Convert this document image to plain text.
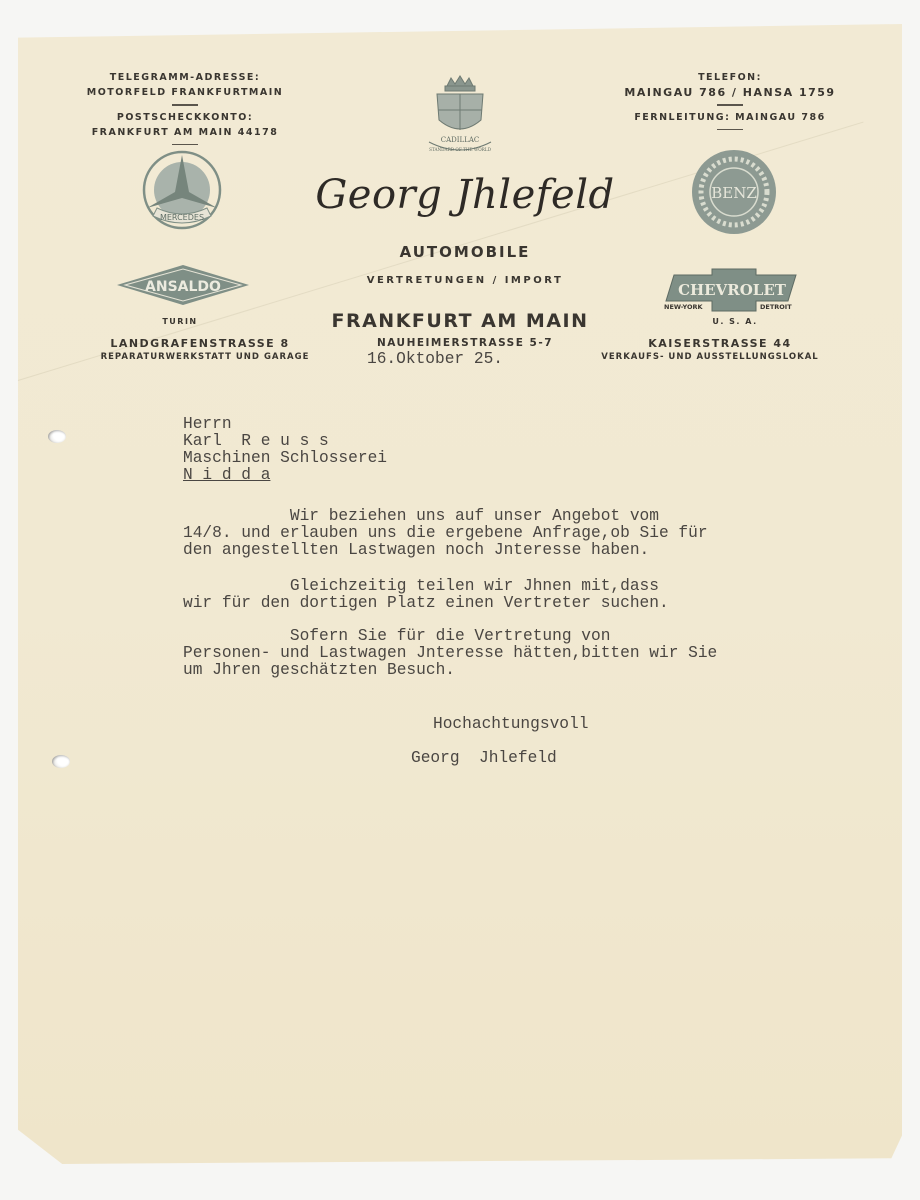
TELEGRAMM-ADRESSE:
MOTORFELD FRANKFURTMAIN
POSTSCHECKKONTO:
FRANKFURT AM MAIN 44178
TELEFON:
MAINGAU 786 / HANSA 1759
FERNLEITUNG: MAINGAU 786
CADILLAC
STANDARD OF THE WORLD
MERCEDES
BENZ
Georg Jhlefeld
AUTOMOBILE
VERTRETUNGEN / IMPORT
FRANKFURT AM MAIN
NAUHEIMERSTRASSE 5-7
ANSALDO
TURIN
LANDGRAFENSTRASSE 8
REPARATURWERKSTATT UND GARAGE
CHEVROLET
NEW-YORK	DETROIT
U. S. A.
KAISERSTRASSE 44
VERKAUFS- UND AUSSTELLUNGSLOKAL
16.Oktober 25.
Herrn
Karl  R e u s s
Maschinen Schlosserei
N i d d a
Wir beziehen uns auf unser Angebot vom
14/8. und erlauben uns die ergebene Anfrage,ob Sie für
den angestellten Lastwagen noch Jnteresse haben.
Gleichzeitig teilen wir Jhnen mit,dass
wir für den dortigen Platz einen Vertreter suchen.
Sofern Sie für die Vertretung von
Personen- und Lastwagen Jnteresse hätten,bitten wir Sie
um Jhren geschätzten Besuch.
Hochachtungsvoll
Georg  Jhlefeld
